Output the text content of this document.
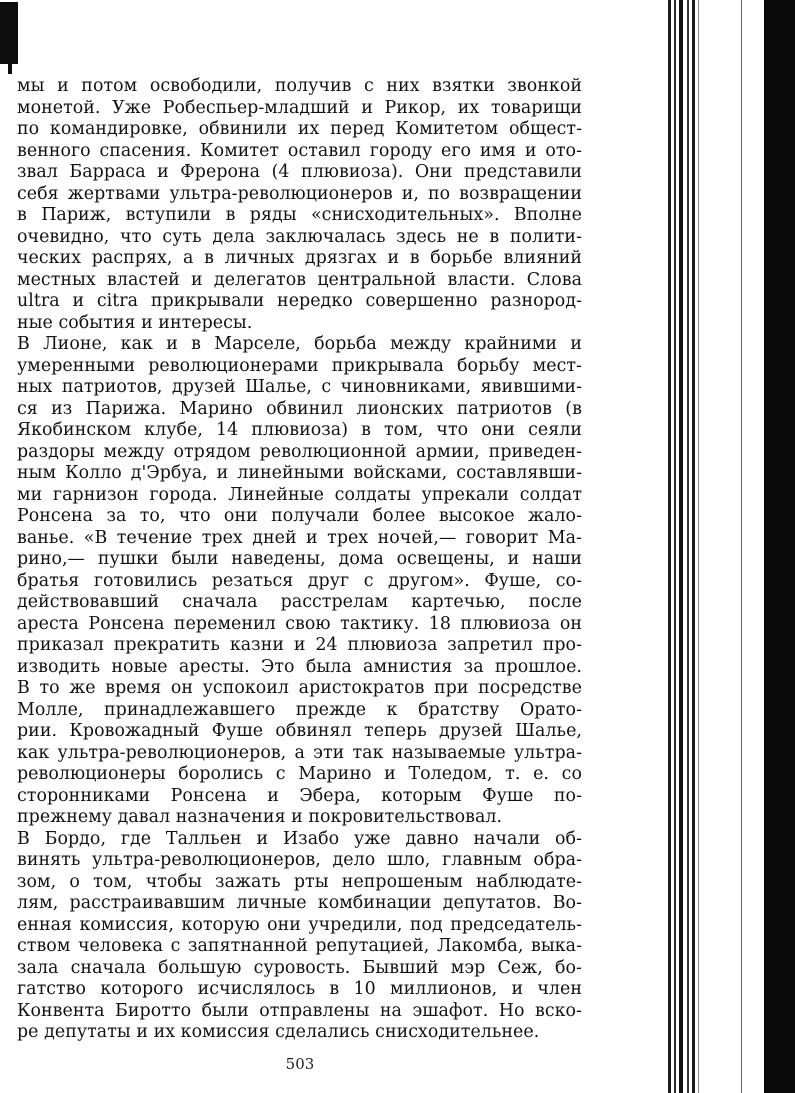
мы и потом освободили, получив с них взятки звонкой
монетой. Уже Робеспьер-младший и Рикор, их товарищи
по командировке, обвинили их перед Комитетом общест-
венного спасения. Комитет оставил городу его имя и ото-
звал Барраса и Фрерона (4 плювиоза). Они представили
себя жертвами ультра-революционеров и, по возвращении
в Париж, вступили в ряды «снисходительных». Вполне
очевидно, что суть дела заключалась здесь не в полити-
ческих распрях, а в личных дрязгах и в борьбе влияний
местных властей и делегатов центральной власти. Слова
ultra и citra прикрывали нередко совершенно разнород-
ные события и интересы.
В Лионе, как и в Марселе, борьба между крайними и
умеренными революционерами прикрывала борьбу мест-
ных патриотов, друзей Шалье, с чиновниками, явившими-
ся из Парижа. Марино обвинил лионских патриотов (в
Якобинском клубе, 14 плювиоза) в том, что они сеяли
раздоры между отрядом революционной армии, приведен-
ным Колло д'Эрбуа, и линейными войсками, составлявши-
ми гарнизон города. Линейные солдаты упрекали солдат
Ронсена за то, что они получали более высокое жало-
ванье. «В течение трех дней и трех ночей,— говорит Ма-
рино,— пушки были наведены, дома освещены, и наши
братья готовились резаться друг с другом». Фуше, со-
действовавший сначала расстрелам картечью, после
ареста Ронсена переменил свою тактику. 18 плювиоза он
приказал прекратить казни и 24 плювиоза запретил про-
изводить новые аресты. Это была амнистия за прошлое.
В то же время он успокоил аристократов при посредстве
Молле, принадлежавшего прежде к братству Орато-
рии. Кровожадный Фуше обвинял теперь друзей Шалье,
как ультра-революционеров, а эти так называемые ультра-
революционеры боролись с Марино и Толедом, т. е. со
сторонниками Ронсена и Эбера, которым Фуше по-
прежнему давал назначения и покровительствовал.
В Бордо, где Талльен и Изабо уже давно начали об-
винять ультра-революционеров, дело шло, главным обра-
зом, о том, чтобы зажать рты непрошеным наблюдате-
лям, расстраивавшим личные комбинации депутатов. Во-
енная комиссия, которую они учредили, под председатель-
ством человека с запятнанной репутацией, Лакомба, выка-
зала сначала большую суровость. Бывший мэр Сеж, бо-
гатство которого исчислялось в 10 миллионов, и член
Конвента Биротто были отправлены на эшафот. Но вско-
ре депутаты и их комиссия сделались снисходительнее.
503
